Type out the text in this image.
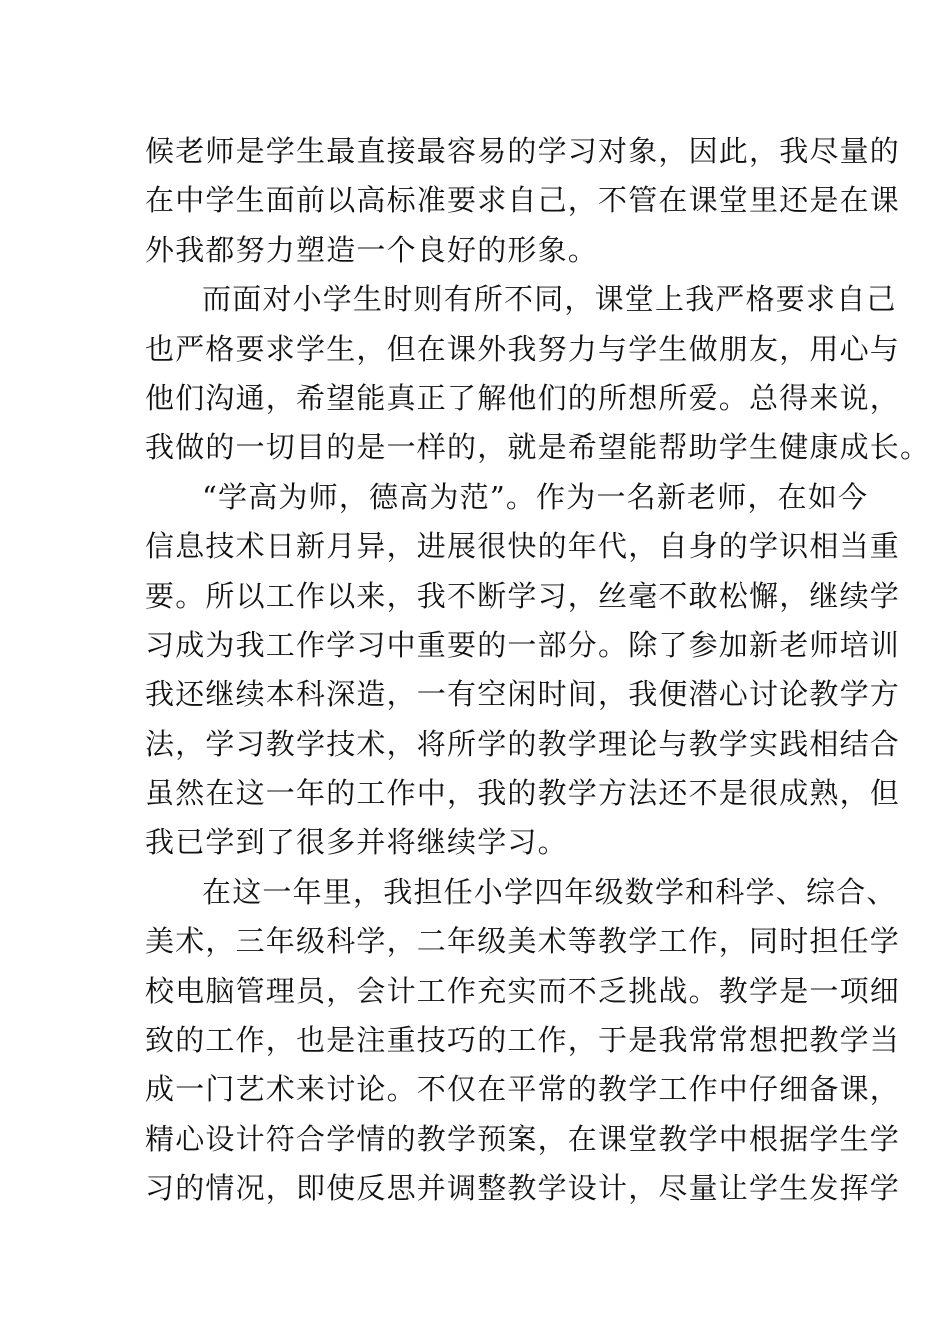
候老师是学生最直接最容易的学习对象，因此，我尽量的
在中学生面前以高标准要求自己，不管在课堂里还是在课
外我都努力塑造一个良好的形象。
而面对小学生时则有所不同，课堂上我严格要求自己
也严格要求学生，但在课外我努力与学生做朋友，用心与
他们沟通，希望能真正了解他们的所想所爱。总得来说，
我做的一切目的是一样的，就是希望能帮助学生健康成长。
“学高为师，德高为范”。作为一名新老师，在如今
信息技术日新月异，进展很快的年代，自身的学识相当重
要。所以工作以来，我不断学习，丝毫不敢松懈，继续学
习成为我工作学习中重要的一部分。除了参加新老师培训
我还继续本科深造，一有空闲时间，我便潜心讨论教学方
法，学习教学技术，将所学的教学理论与教学实践相结合
虽然在这一年的工作中，我的教学方法还不是很成熟，但
我已学到了很多并将继续学习。
在这一年里，我担任小学四年级数学和科学、综合、
美术，三年级科学，二年级美术等教学工作，同时担任学
校电脑管理员，会计工作充实而不乏挑战。教学是一项细
致的工作，也是注重技巧的工作，于是我常常想把教学当
成一门艺术来讨论。不仅在平常的教学工作中仔细备课，
精心设计符合学情的教学预案，在课堂教学中根据学生学
习的情况，即使反思并调整教学设计，尽量让学生发挥学
